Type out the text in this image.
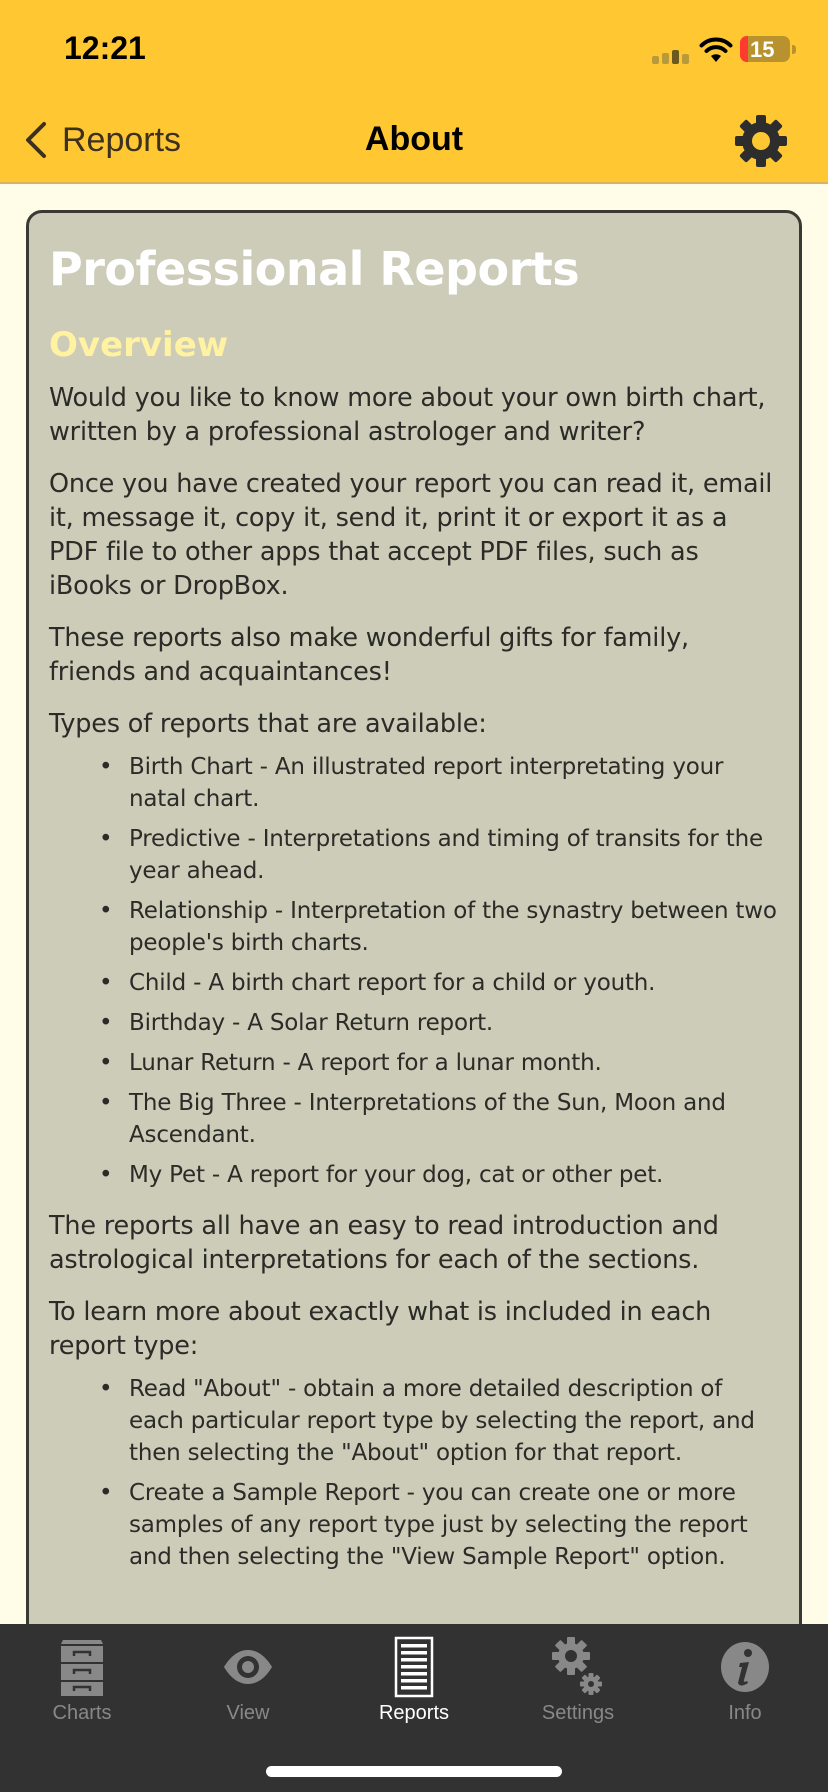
12:21	15
Reports	About
Professional Reports
Overview

Would you like to know more about your own birth chart, written by a professional astrologer and writer?

Once you have created your report you can read it, email it, message it, copy it, send it, print it or export it as a PDF file to other apps that accept PDF files, such as iBooks or DropBox.

These reports also make wonderful gifts for family, friends and acquaintances!

Types of reports that are available:

• Birth Chart - An illustrated report interpretating your natal chart.
• Predictive - Interpretations and timing of transits for the year ahead.
• Relationship - Interpretation of the synastry between two people's birth charts.
• Child - A birth chart report for a child or youth.
• Birthday - A Solar Return report.
• Lunar Return - A report for a lunar month.
• The Big Three - Interpretations of the Sun, Moon and Ascendant.
• My Pet - A report for your dog, cat or other pet.

The reports all have an easy to read introduction and astrological interpretations for each of the sections.

To learn more about exactly what is included in each report type:

• Read "About" - obtain a more detailed description of each particular report type by selecting the report, and then selecting the "About" option for that report.
• Create a Sample Report - you can create one or more samples of any report type just by selecting the report and then selecting the "View Sample Report" option.
Charts	View	Reports	Settings	Info
